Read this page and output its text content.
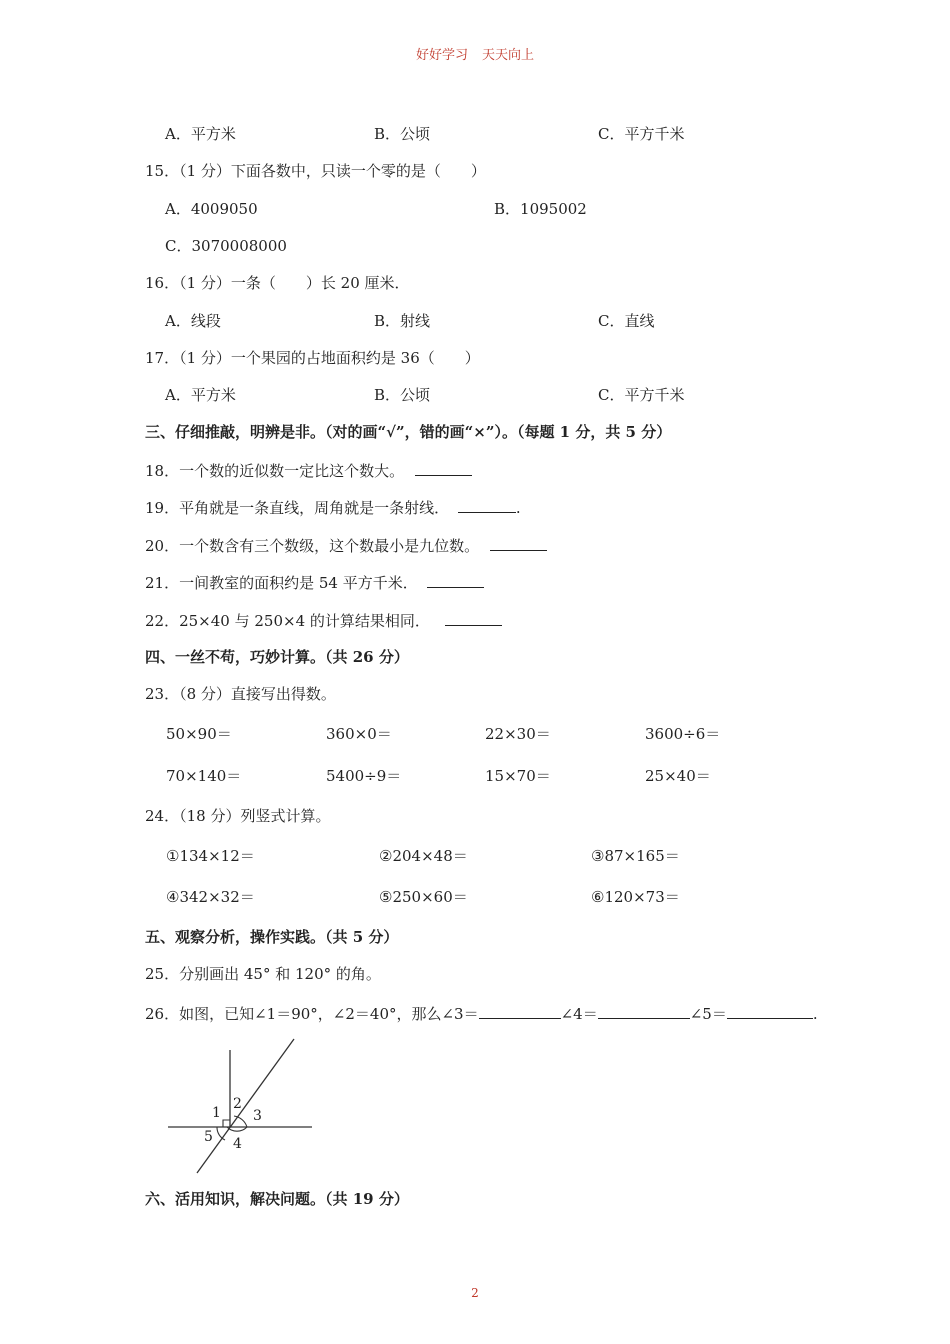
好好学习 天天向上
A．平方米	B．公顷	C．平方千米
15．（1 分）下面各数中，只读一个零的是（　　）
A．4009050	B．1095002
C．3070008000
16．（1 分）一条（　　）长 20 厘米．
A．线段	B．射线	C．直线
17．（1 分）一个果园的占地面积约是 36（　　）
A．平方米	B．公顷	C．平方千米
三、仔细推敲，明辨是非。（对的画“√”，错的画“×”）。（每题 1 分，共 5 分）
18．一个数的近似数一定比这个数大。
19．平角就是一条直线，周角就是一条射线．	.
20．一个数含有三个数级，这个数最小是九位数。
21．一间教室的面积约是 54 平方千米．
22．25×40 与 250×4 的计算结果相同．
四、一丝不苟，巧妙计算。（共 26 分）
23．（8 分）直接写出得数。
50×90＝	360×0＝	22×30＝	3600÷6＝
70×140＝	5400÷9＝	15×70＝	25×40＝
24．（18 分）列竖式计算。
①134×12＝	②204×48＝	③87×165＝
④342×32＝	⑤250×60＝	⑥120×73＝
五、观察分析，操作实践。（共 5 分）
25．分别画出 45° 和 120° 的角。
26．如图，已知∠1＝90°，∠2＝40°，那么∠3＝	∠4＝	∠5＝	.
1
2
3
4
5
六、活用知识，解决问题。（共 19 分）
2
